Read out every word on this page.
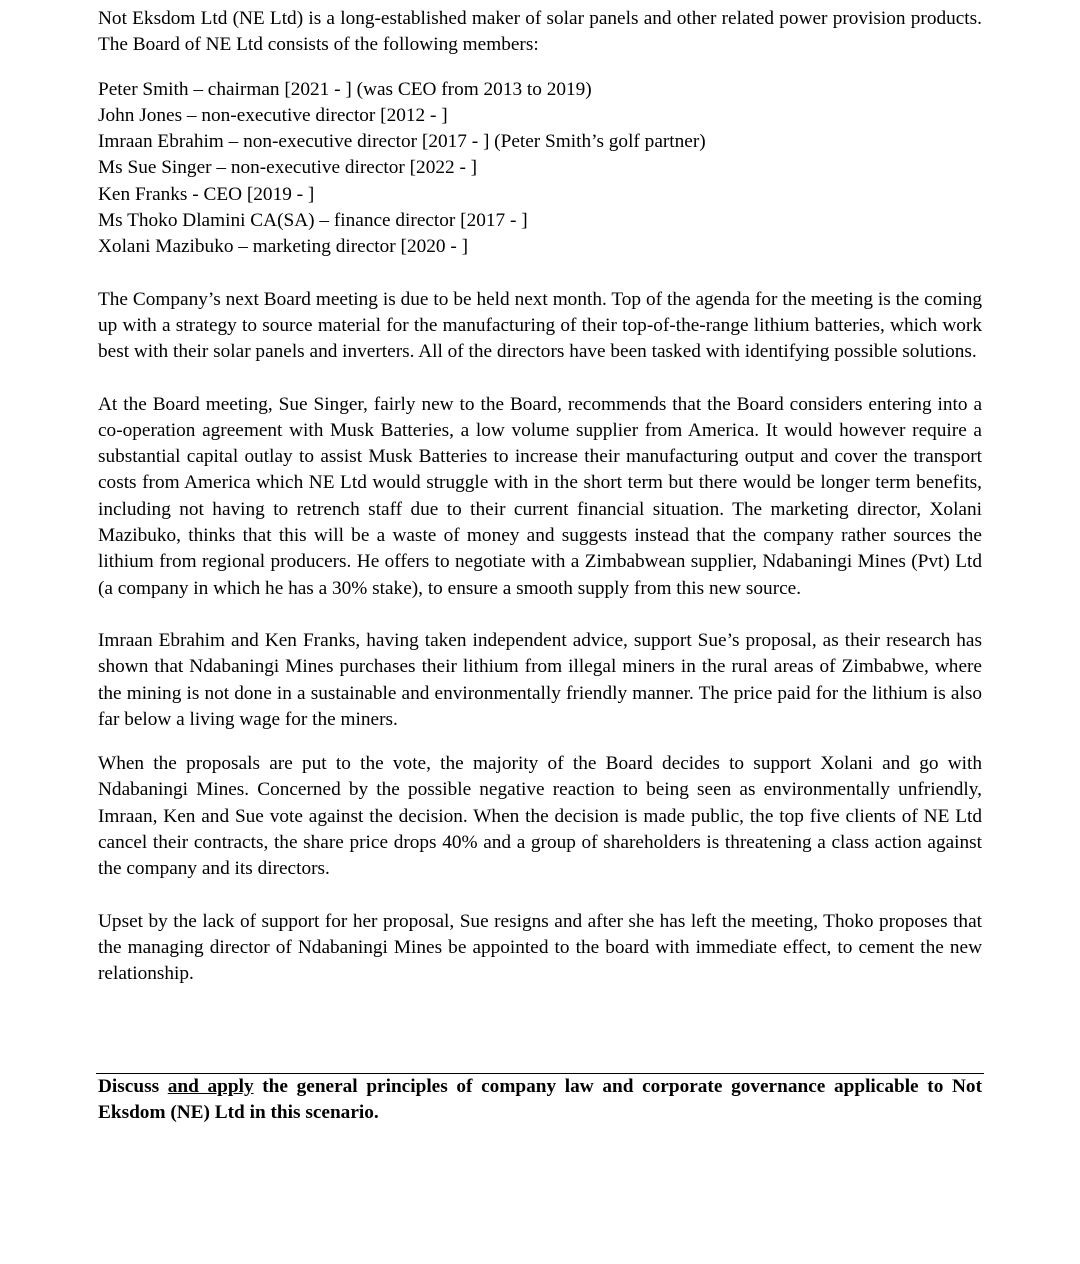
Not Eksdom Ltd (NE Ltd) is a long-established maker of solar panels and other related power provision products. The Board of NE Ltd consists of the following members:

Peter Smith – chairman [2021 - ] (was CEO from 2013 to 2019)
John Jones – non-executive director [2012 - ]
Imraan Ebrahim – non-executive director [2017 - ] (Peter Smith’s golf partner)
Ms Sue Singer – non-executive director [2022 - ]
Ken Franks - CEO [2019 - ]
Ms Thoko Dlamini CA(SA) – finance director [2017 - ]
Xolani Mazibuko – marketing director [2020 - ]

The Company’s next Board meeting is due to be held next month. Top of the agenda for the meeting is the coming up with a strategy to source material for the manufacturing of their top-of-the-range lithium batteries, which work best with their solar panels and inverters. All of the directors have been tasked with identifying possible solutions.

At the Board meeting, Sue Singer, fairly new to the Board, recommends that the Board considers entering into a co-operation agreement with Musk Batteries, a low volume supplier from America. It would however require a substantial capital outlay to assist Musk Batteries to increase their manufacturing output and cover the transport costs from America which NE Ltd would struggle with in the short term but there would be longer term benefits, including not having to retrench staff due to their current financial situation. The marketing director, Xolani Mazibuko, thinks that this will be a waste of money and suggests instead that the company rather sources the lithium from regional producers. He offers to negotiate with a Zimbabwean supplier, Ndabaningi Mines (Pvt) Ltd (a company in which he has a 30% stake), to ensure a smooth supply from this new source.

Imraan Ebrahim and Ken Franks, having taken independent advice, support Sue’s proposal, as their research has shown that Ndabaningi Mines purchases their lithium from illegal miners in the rural areas of Zimbabwe, where the mining is not done in a sustainable and environmentally friendly manner. The price paid for the lithium is also far below a living wage for the miners.

When the proposals are put to the vote, the majority of the Board decides to support Xolani and go with Ndabaningi Mines. Concerned by the possible negative reaction to being seen as environmentally unfriendly, Imraan, Ken and Sue vote against the decision. When the decision is made public, the top five clients of NE Ltd cancel their contracts, the share price drops 40% and a group of shareholders is threatening a class action against the company and its directors.

Upset by the lack of support for her proposal, Sue resigns and after she has left the meeting, Thoko proposes that the managing director of Ndabaningi Mines be appointed to the board with immediate effect, to cement the new relationship.

Discuss and apply the general principles of company law and corporate governance applicable to Not Eksdom (NE) Ltd in this scenario.
